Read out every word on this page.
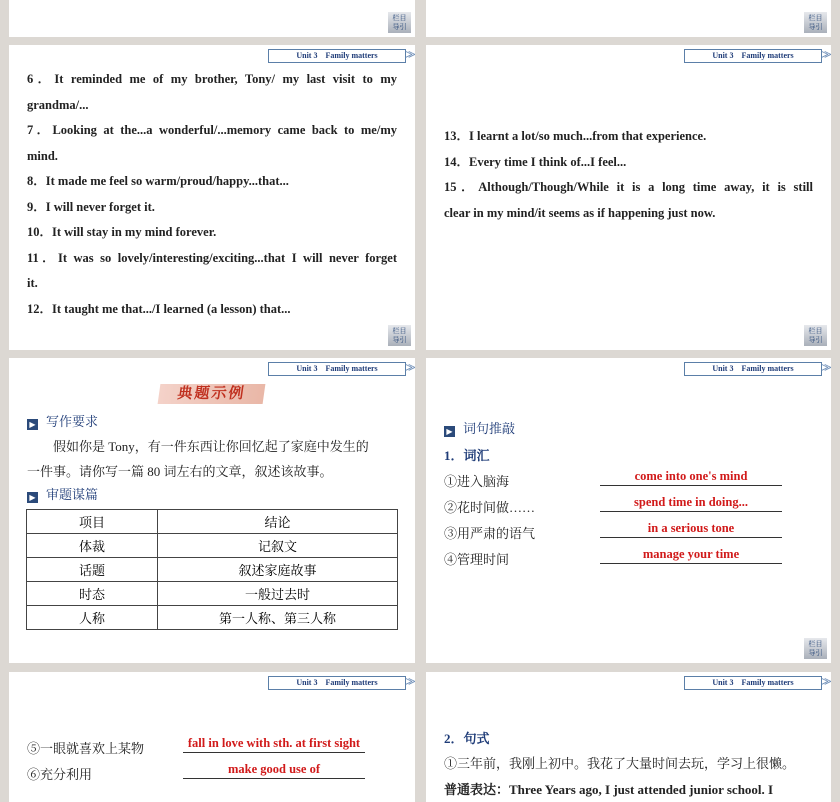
栏目
导引
栏目
导引
Unit 3　Family matters	>>
6．It reminded me of my brother, Tony/ my last visit to my
grandma/...
7．Looking at the...a wonderful/...memory came back to me/my
mind.
8．It made me feel so warm/proud/happy...that...
9．I will never forget it.
10．It will stay in my mind forever.
11．It was so lovely/interesting/exciting...that I will never forget
it.
12．It taught me that.../I learned (a lesson) that...
栏目
导引
Unit 3　Family matters	>>
13．I learnt a lot/so much...from that experience.
14．Every time I think of...I feel...
15．Although/Though/While it is a long time away, it is still
clear in my mind/it seems as if happening just now.
栏目
导引
Unit 3　Family matters	>>
典题示例
▶ 写作要求
假如你是 Tony，有一件东西让你回忆起了家庭中发生的
一件事。请你写一篇 80 词左右的文章，叙述该故事。
▶ 审题谋篇
项目	结论
体裁	记叙文
话题	叙述家庭故事
时态	一般过去时
人称	第一人称、第三人称
Unit 3　Family matters	>>
▶ 词句推敲
1．词汇
①进入脑海	come into one's mind
②花时间做……	spend time in doing...
③用严肃的语气	in a serious tone
④管理时间	manage your time
栏目
导引
Unit 3　Family matters	>>
⑤一眼就喜欢上某物	fall in love with sth. at first sight
⑥充分利用	make good use of
Unit 3　Family matters	>>
2．句式
①三年前，我刚上初中。我花了大量时间去玩，学习上很懒。
普通表达：Three Years ago, I just attended junior school. I
